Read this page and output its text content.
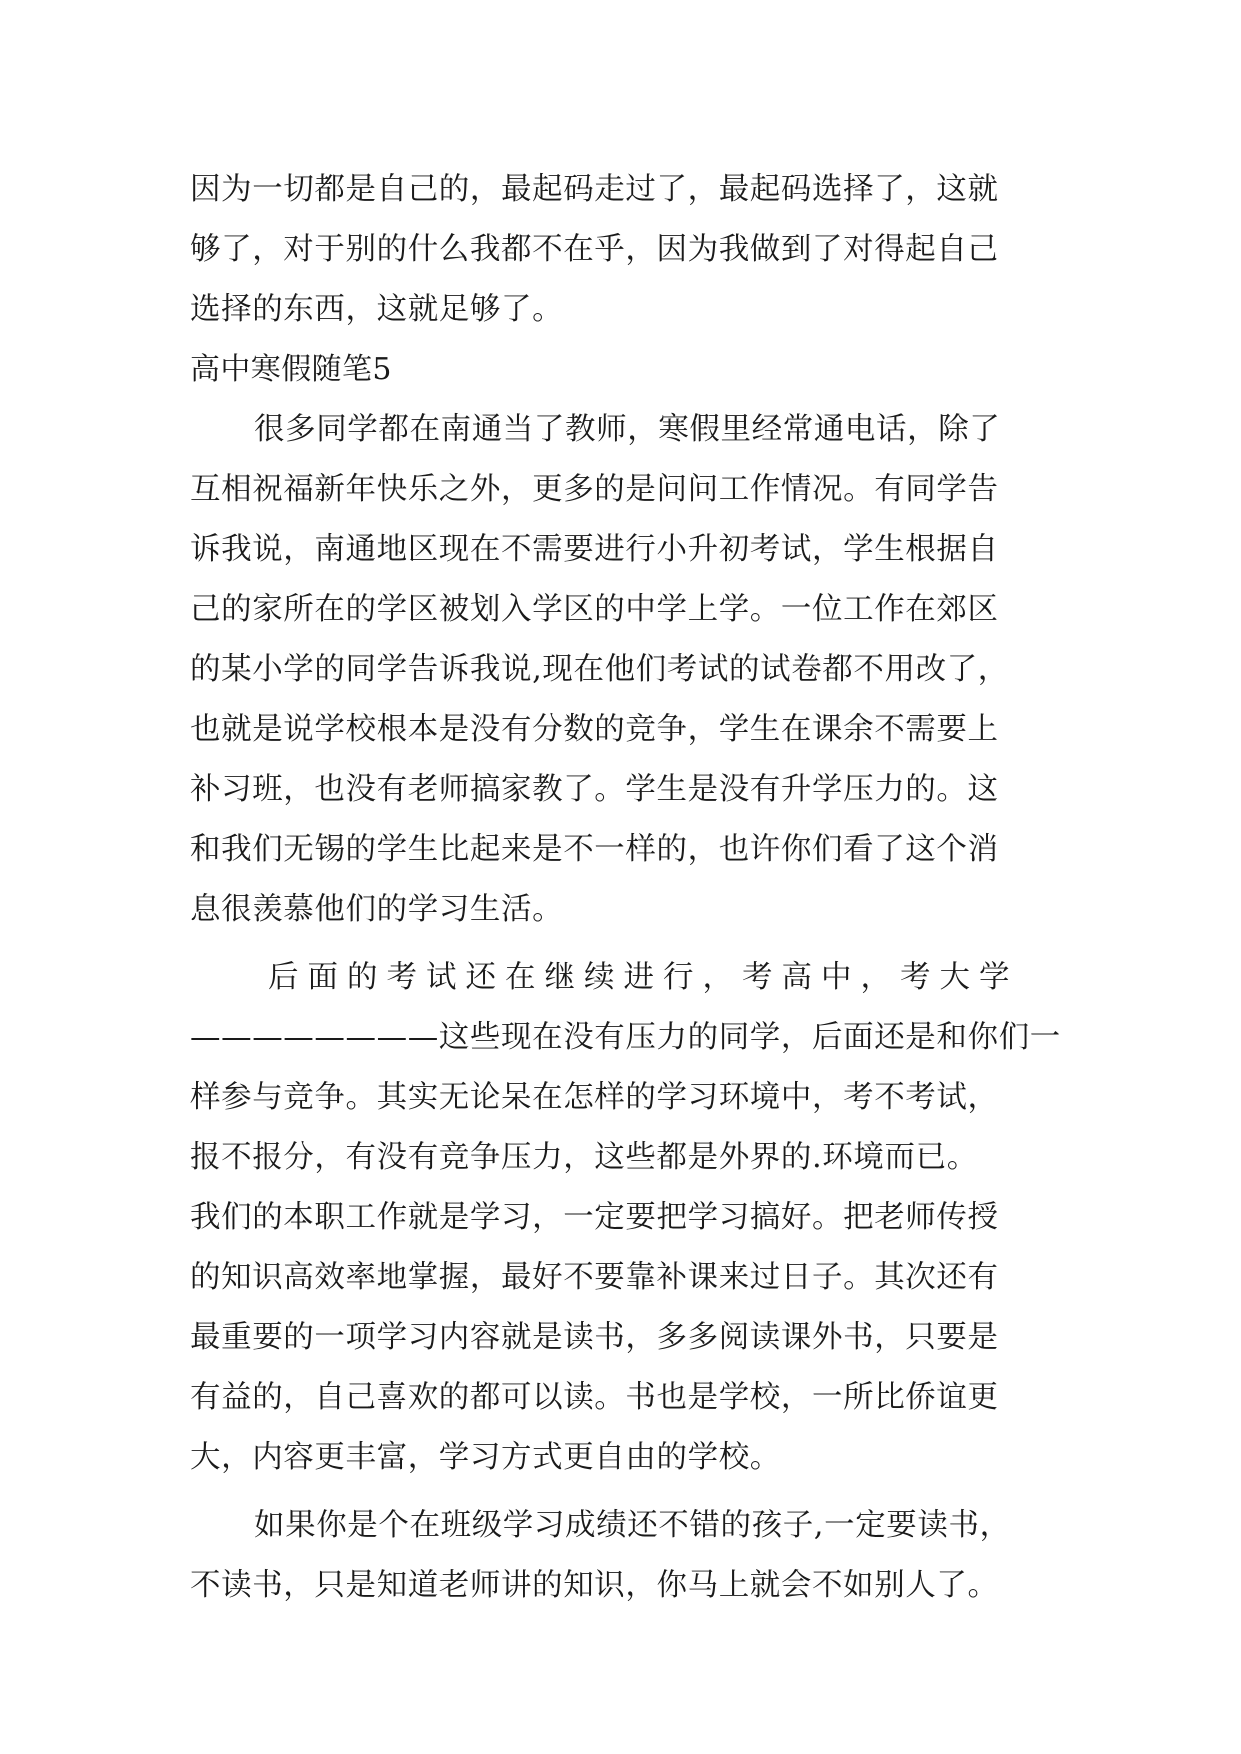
因为一切都是自己的，最起码走过了，最起码选择了，这就
够了，对于别的什么我都不在乎，因为我做到了对得起自己
选择的东西，这就足够了。
高中寒假随笔5
很多同学都在南通当了教师，寒假里经常通电话，除了
互相祝福新年快乐之外，更多的是问问工作情况。有同学告
诉我说，南通地区现在不需要进行小升初考试，学生根据自
己的家所在的学区被划入学区的中学上学。一位工作在郊区
的某小学的同学告诉我说,现在他们考试的试卷都不用改了，
也就是说学校根本是没有分数的竞争，学生在课余不需要上
补习班，也没有老师搞家教了。学生是没有升学压力的。这
和我们无锡的学生比起来是不一样的，也许你们看了这个消
息很羡慕他们的学习生活。
后面的考试还在继续进行，考高中，考大学
————————这些现在没有压力的同学，后面还是和你们一
样参与竞争。其实无论呆在怎样的学习环境中，考不考试，
报不报分，有没有竞争压力，这些都是外界的.环境而已。
我们的本职工作就是学习，一定要把学习搞好。把老师传授
的知识高效率地掌握，最好不要靠补课来过日子。其次还有
最重要的一项学习内容就是读书，多多阅读课外书，只要是
有益的，自己喜欢的都可以读。书也是学校，一所比侨谊更
大，内容更丰富，学习方式更自由的学校。
如果你是个在班级学习成绩还不错的孩子,一定要读书，
不读书，只是知道老师讲的知识，你马上就会不如别人了。
